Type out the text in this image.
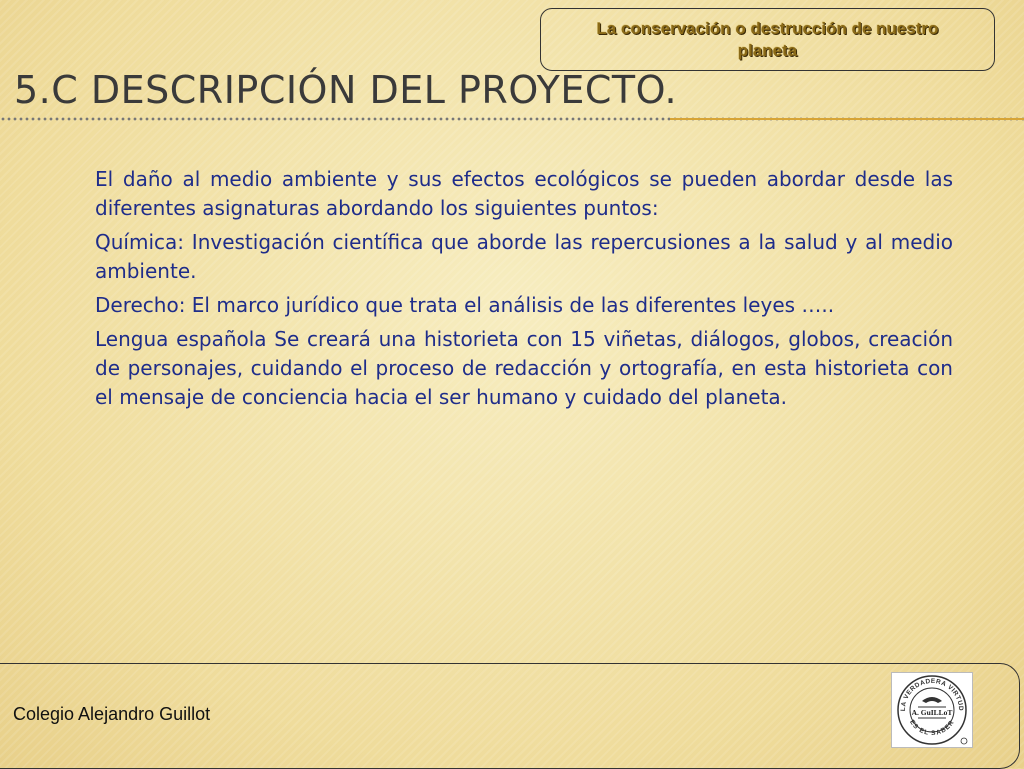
La conservación o destrucción de nuestro planeta
5.C DESCRIPCIÓN DEL PROYECTO.

El daño al medio ambiente y sus efectos ecológicos se pueden abordar desde las diferentes asignaturas abordando los siguientes puntos:

Química: Investigación científica que aborde las repercusiones a la salud y al medio ambiente.

Derecho: El marco jurídico que trata el análisis de las diferentes leyes …..

Lengua española Se creará una historieta con 15 viñetas, diálogos, globos, creación de personajes, cuidando el proceso de redacción y ortografía, en esta historieta con el mensaje de conciencia hacia el ser humano y cuidado del planeta.

Colegio Alejandro Guillot	LA VERDADERA VIRTUD
ES EL SABER
A. GuILLoT
